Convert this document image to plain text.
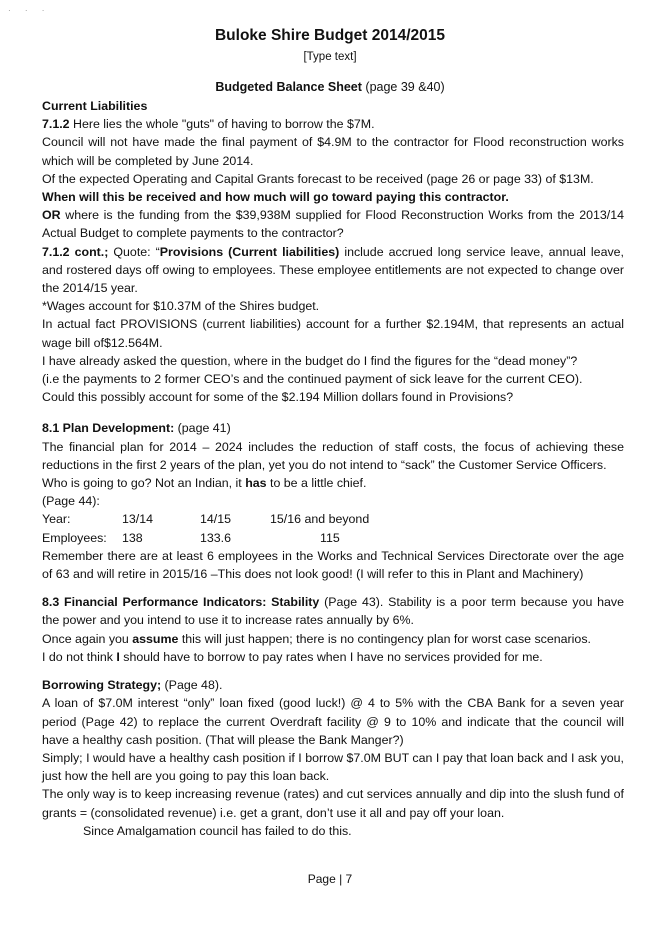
· · ·
Buloke Shire Budget 2014/2015
[Type text]
Budgeted Balance Sheet (page 39 &40)

Current Liabilities

7.1.2 Here lies the whole "guts" of having to borrow the $7M.

Council will not have made the final payment of $4.9M to the contractor for Flood reconstruction works which will be completed by June 2014.

Of the expected Operating and Capital Grants forecast to be received (page 26 or page 33) of $13M.

When will this be received and how much will go toward paying this contractor.

OR where is the funding from the $39,938M supplied for Flood Reconstruction Works from the 2013/14 Actual Budget to complete payments to the contractor?

7.1.2 cont.; Quote: “Provisions (Current liabilities) include accrued long service leave, annual leave, and rostered days off owing to employees. These employee entitlements are not expected to change over the 2014/15 year.

*Wages account for $10.37M of the Shires budget.

In actual fact PROVISIONS (current liabilities) account for a further $2.194M, that represents an actual wage bill of$12.564M.

I have already asked the question, where in the budget do I find the figures for the “dead money”?

(i.e the payments to 2 former CEO’s and the continued payment of sick leave for the current CEO).

Could this possibly account for some of the $2.194 Million dollars found in Provisions?

8.1 Plan Development: (page 41)

The financial plan for 2014 – 2024 includes the reduction of staff costs, the focus of achieving these reductions in the first 2 years of the plan, yet you do not intend to “sack” the Customer Service Officers.

Who is going to go? Not an Indian, it has to be a little chief.

(Page 44):

Year:	13/14	14/15	15/16 and beyond
Employees:	138	133.6	115

Remember there are at least 6 employees in the Works and Technical Services Directorate over the age of 63 and will retire in 2015/16 –This does not look good! (I will refer to this in Plant and Machinery)

8.3 Financial Performance Indicators: Stability (Page 43). Stability is a poor term because you have the power and you intend to use it to increase rates annually by 6%.

Once again you assume this will just happen; there is no contingency plan for worst case scenarios.

I do not think I should have to borrow to pay rates when I have no services provided for me.

Borrowing Strategy; (Page 48).

A loan of $7.0M interest “only” loan fixed (good luck!) @ 4 to 5% with the CBA Bank for a seven year period (Page 42) to replace the current Overdraft facility @ 9 to 10% and indicate that the council will have a healthy cash position. (That will please the Bank Manger?)

Simply; I would have a healthy cash position if I borrow $7.0M BUT can I pay that loan back and I ask you, just how the hell are you going to pay this loan back.

The only way is to keep increasing revenue (rates) and cut services annually and dip into the slush fund of grants = (consolidated revenue) i.e. get a grant, don’t use it all and pay off your loan.

Since Amalgamation council has failed to do this.

Page | 7
